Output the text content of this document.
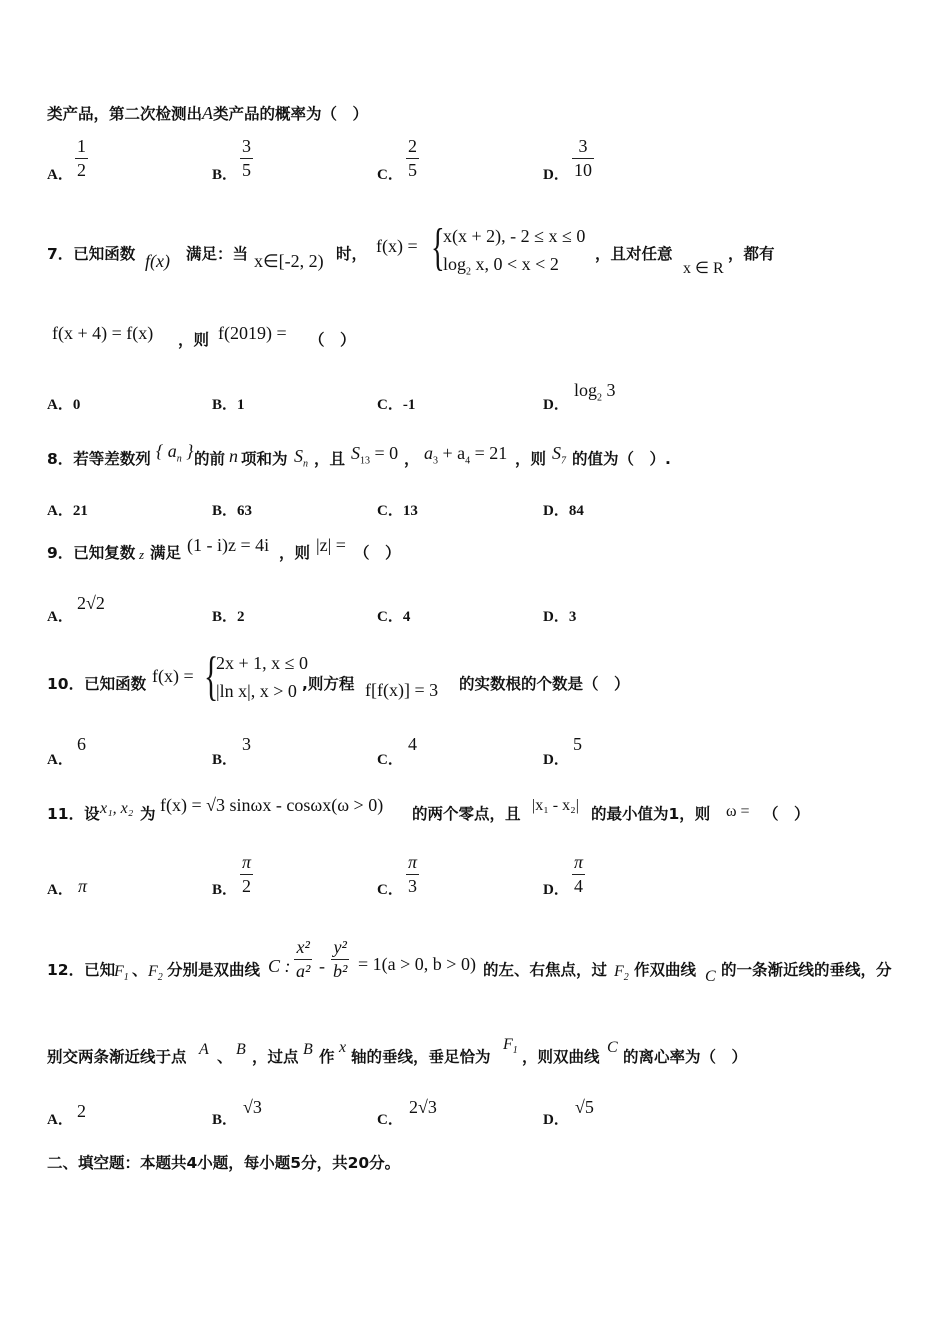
类产品，第二次检测出A类产品的概率为（　）
A．
1
2	B．
3
5	C．
2
5	D．
3
10
7．已知函数 f(x) 满足：当 x∈[-2, 2) 时， f(x) = {
x(x + 2), - 2 ≤ x ≤ 0
$\log_2 x$, 0 < x < 2	，且对任意
x ∈ R
，都有
f(x + 4) = f(x) ，则 f(2019) = （　）
A．0	B．1	C．-1	D．
$\log_2 3$
8．若等差数列 { $a_n$ } 的前 n 项和为 $S_n$ ，且 $S_{13} = 0$ ， $a_3 + a_4 = 21$ ，则 $S_7$ 的值为（　）.
A．21	B．63	C．13	D．84
9．已知复数 z 满足 (1 - i)z = 4i ，则 |z| = （　）
A．
2√2
B．2	C．4	D．3
10．已知函数 f(x) = {
2x + 1, x ≤ 0
|ln x|, x > 0 ,则方程 f[f(x)] = 3 的实数根的个数是（　）
A．
6
B．
3
C．
4
D．
5
11．设 x₁, x₂ 为 f(x) = √3 sinωx - cosωx(ω > 0) 的两个零点，且 |x₁ - x₂| 的最小值为1，则 ω = （　）
A． π	B．
π
2	C．
π
3	D．
π
4
12．已知
$F_1$ 、 $F_2$ 分别是双曲线 C :
x²
a² -
y²
b² = 1(a > 0, b > 0) 的左、右焦点，过 $F_2$ 作双曲线 C 的一条渐近线的垂线，分
别交两条渐近线于点 A 、 B ，过点 B 作
x
轴的垂线，垂足恰为
$F_1$ ，则双曲线
C
的离心率为（　）
A． 2	B．
√3
C．
2√3
D．
√5
二、填空题：本题共4小题，每小题5分，共20分。
